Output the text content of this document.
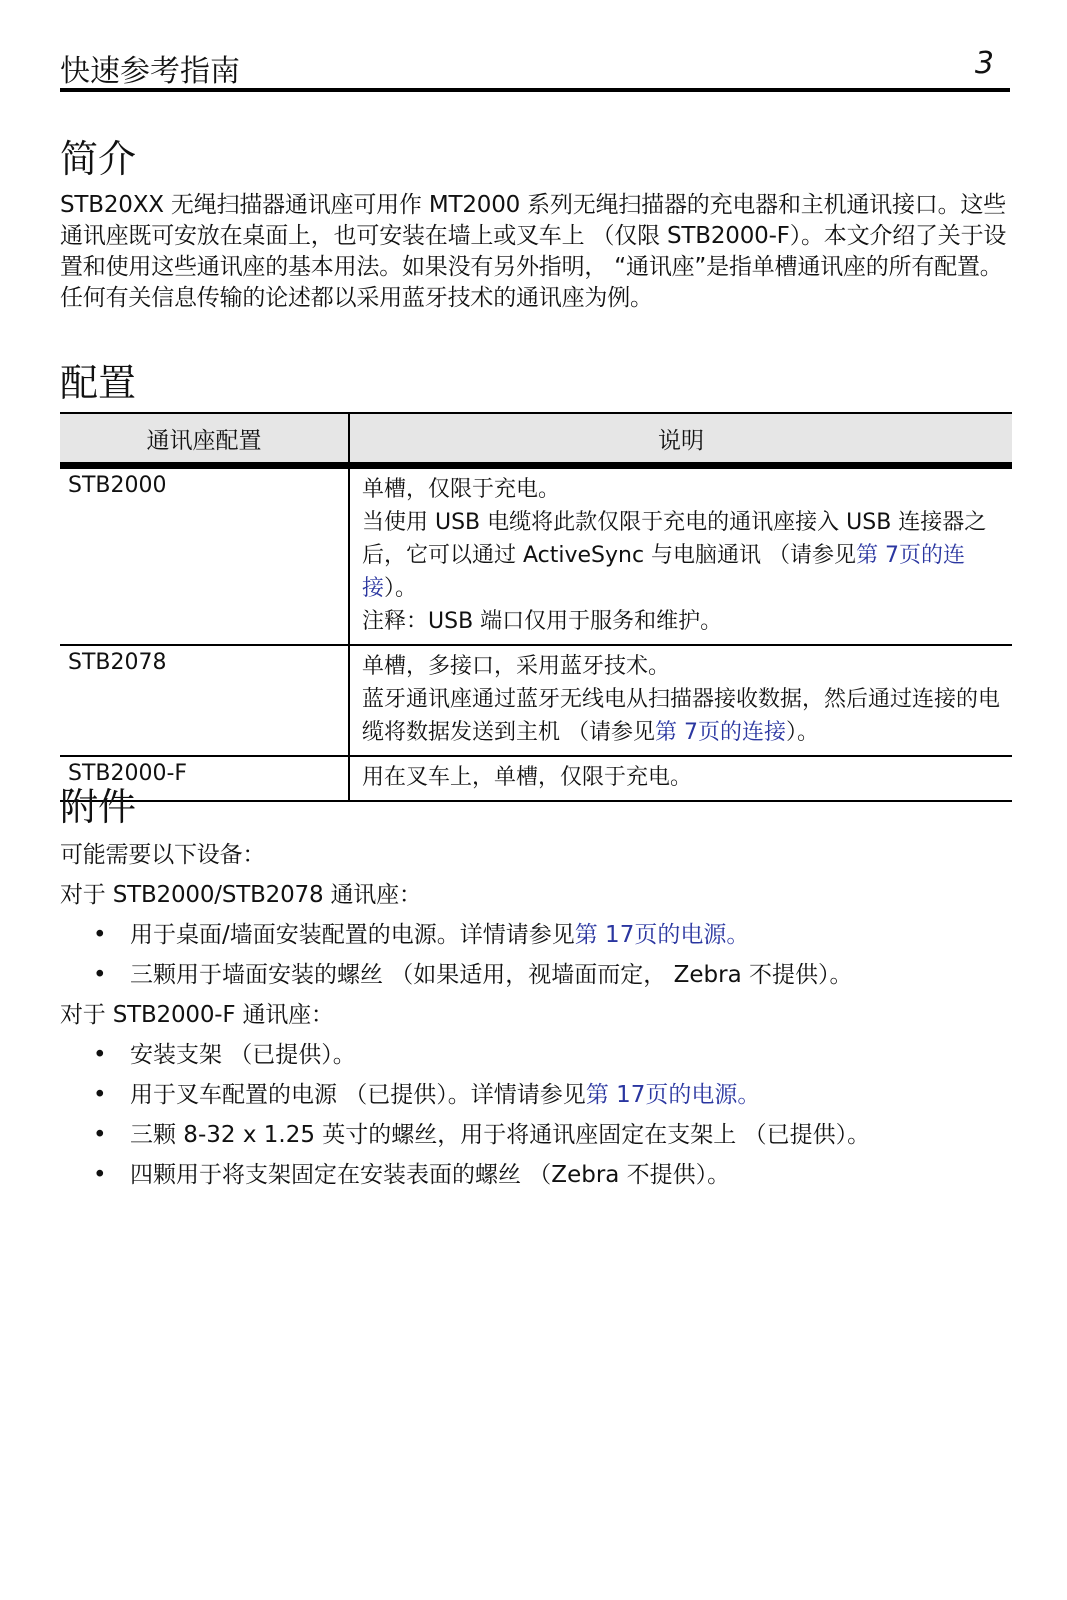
快速参考指南	3
简介
STB20XX 无绳扫描器通讯座可用作 MT2000 系列无绳扫描器的充电器和主机通讯接口。这些通讯座既可安放在桌面上，也可安装在墙上或叉车上 （仅限 STB2000-F）。本文介绍了关于设置和使用这些通讯座的基本用法。如果没有另外指明， “通讯座”是指单槽通讯座的所有配置。任何有关信息传输的论述都以采用蓝牙技术的通讯座为例。
配置
通讯座配置	说明
STB2000	单槽，仅限于充电。
当使用 USB 电缆将此款仅限于充电的通讯座接入 USB 连接器之后，它可以通过 ActiveSync 与电脑通讯 （请参见第 7页的连接）。
注释：USB 端口仅用于服务和维护。

STB2078	单槽，多接口，采用蓝牙技术。
蓝牙通讯座通过蓝牙无线电从扫描器接收数据，然后通过连接的电缆将数据发送到主机 （请参见第 7页的连接）。

STB2000-F	用在叉车上，单槽，仅限于充电。
附件
可能需要以下设备：
对于 STB2000/STB2078 通讯座：
• 用于桌面/墙面安装配置的电源。详情请参见第 17页的电源。
• 三颗用于墙面安装的螺丝 （如果适用，视墙面而定， Zebra 不提供）。
对于 STB2000-F 通讯座：
• 安装支架 （已提供）。
• 用于叉车配置的电源 （已提供）。详情请参见第 17页的电源。
• 三颗 8-32 x 1.25 英寸的螺丝，用于将通讯座固定在支架上 （已提供）。
• 四颗用于将支架固定在安装表面的螺丝 （Zebra 不提供）。
